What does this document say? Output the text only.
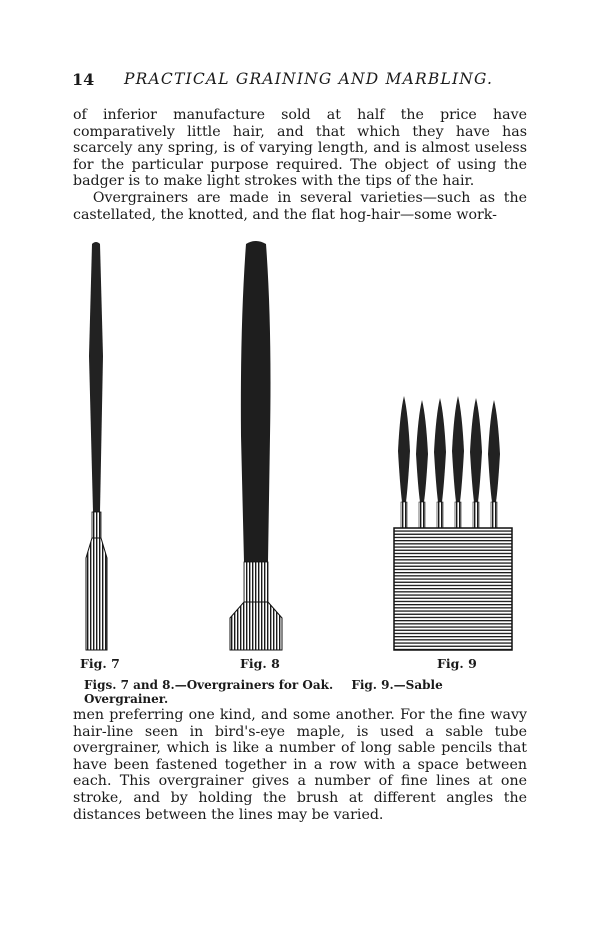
14 PRACTICAL GRAINING AND MARBLING.

of inferior manufacture sold at half the price have comparatively little hair, and that which they have has scarcely any spring, is of varying length, and is almost useless for the particular purpose required. The object of using the badger is to make light strokes with the tips of the hair.

Overgrainers are made in several varieties—such as the castellated, the knotted, and the flat hog-hair—some work-

Fig. 7	Fig. 8	Fig. 9
Figs. 7 and 8.—Overgrainers for Oak. Fig. 9.—Sable Overgrainer.

men preferring one kind, and some another. For the fine wavy hair-line seen in bird's-eye maple, is used a sable tube overgrainer, which is like a number of long sable pencils that have been fastened together in a row with a space between each. This overgrainer gives a number of fine lines at one stroke, and by holding the brush at different angles the distances between the lines may be varied.
